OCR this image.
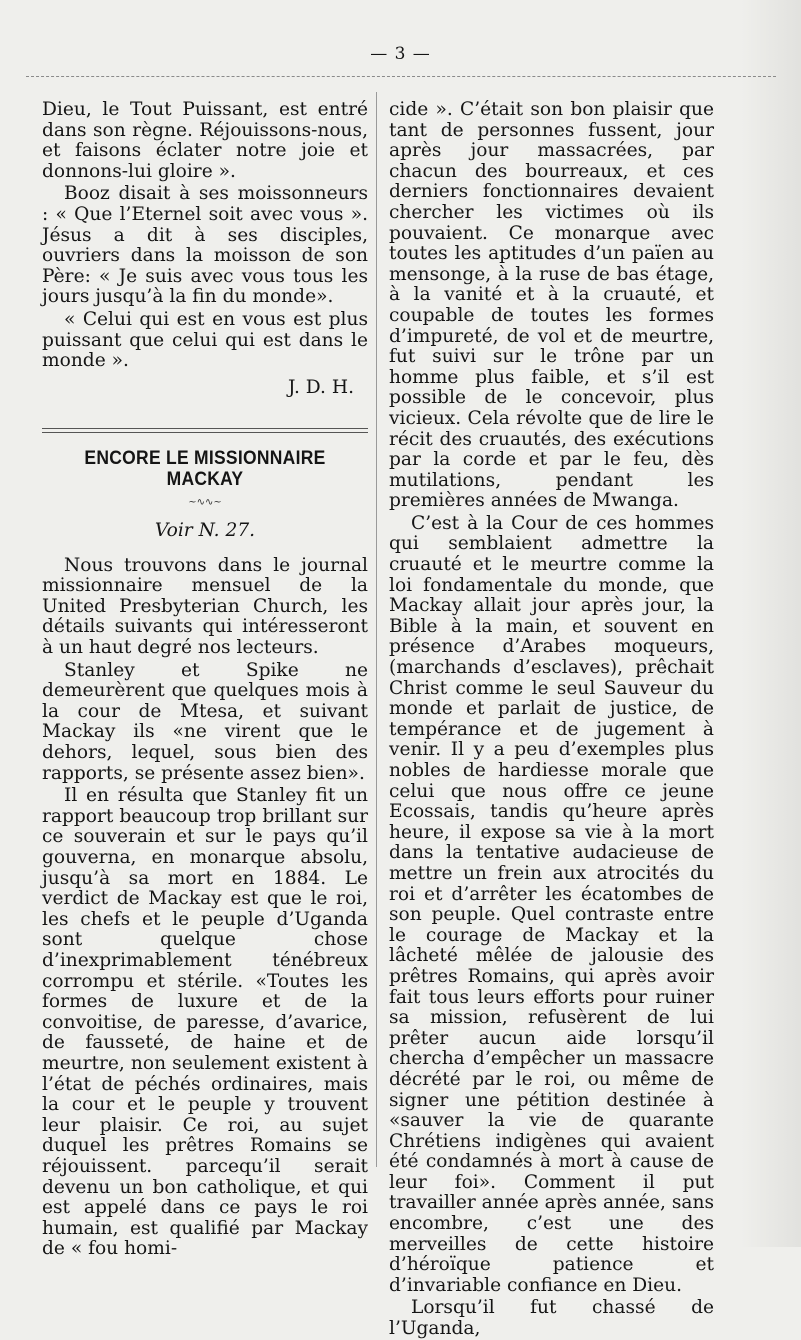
— 3 —

Dieu, le Tout Puissant, est entré dans son règne. Réjouissons-nous, et faisons éclater notre joie et donnons-lui gloire ».

Booz disait à ses moissonneurs : « Que l’Eternel soit avec vous ». Jésus a dit à ses disciples, ouvriers dans la moisson de son Père: « Je suis avec vous tous les jours jusqu’à la fin du monde».

« Celui qui est en vous est plus puissant que celui qui est dans le monde ».

J. D. H.

ENCORE LE MISSIONNAIRE MACKAY
~∿∿~

Voir N. 27.

Nous trouvons dans le journal missionnaire mensuel de la United Presbyterian Church, les détails suivants qui intéresseront à un haut degré nos lecteurs.

Stanley et Spike ne demeurèrent que quelques mois à la cour de Mtesa, et suivant Mackay ils «ne virent que le dehors, lequel, sous bien des rapports, se présente assez bien».

Il en résulta que Stanley fit un rapport beaucoup trop brillant sur ce souverain et sur le pays qu’il gouverna, en monarque absolu, jusqu’à sa mort en 1884. Le verdict de Mackay est que le roi, les chefs et le peuple d’Uganda sont quelque chose d’inexprimablement ténébreux corrompu et stérile. «Toutes les formes de luxure et de la convoitise, de paresse, d’avarice, de fausseté, de haine et de meurtre, non seulement existent à l’état de péchés ordinaires, mais la cour et le peuple y trouvent leur plaisir. Ce roi, au sujet duquel les prêtres Romains se réjouissent. parcequ’il serait devenu un bon catholique, et qui est appelé dans ce pays le roi humain, est qualifié par Mackay de « fou homi-

cide ». C’était son bon plaisir que tant de personnes fussent, jour après jour massacrées, par chacun des bourreaux, et ces derniers fonctionnaires devaient chercher les victimes où ils pouvaient. Ce monarque avec toutes les aptitudes d’un païen au mensonge, à la ruse de bas étage, à la vanité et à la cruauté, et coupable de toutes les formes d’impureté, de vol et de meurtre, fut suivi sur le trône par un homme plus faible, et s’il est possible de le concevoir, plus vicieux. Cela révolte que de lire le récit des cruautés, des exécutions par la corde et par le feu, dès mutilations, pendant les premières années de Mwanga.

C’est à la Cour de ces hommes qui semblaient admettre la cruauté et le meurtre comme la loi fondamentale du monde, que Mackay allait jour après jour, la Bible à la main, et souvent en présence d’Arabes moqueurs, (marchands d’esclaves), prêchait Christ comme le seul Sauveur du monde et parlait de justice, de tempérance et de jugement à venir. Il y a peu d’exemples plus nobles de hardiesse morale que celui que nous offre ce jeune Ecossais, tandis qu’heure après heure, il expose sa vie à la mort dans la tentative audacieuse de mettre un frein aux atrocités du roi et d’arrêter les écatombes de son peuple. Quel contraste entre le courage de Mackay et la lâcheté mêlée de jalousie des prêtres Romains, qui après avoir fait tous leurs efforts pour ruiner sa mission, refusèrent de lui prêter aucun aide lorsqu’il chercha d’empêcher un massacre décrété par le roi, ou même de signer une pétition destinée à «sauver la vie de quarante Chrétiens indigènes qui avaient été condamnés à mort à cause de leur foi». Comment il put travailler année après année, sans encombre, c’est une des merveilles de cette histoire d’héroïque patience et d’invariable confiance en Dieu.

Lorsqu’il fut chassé de l’Uganda,
